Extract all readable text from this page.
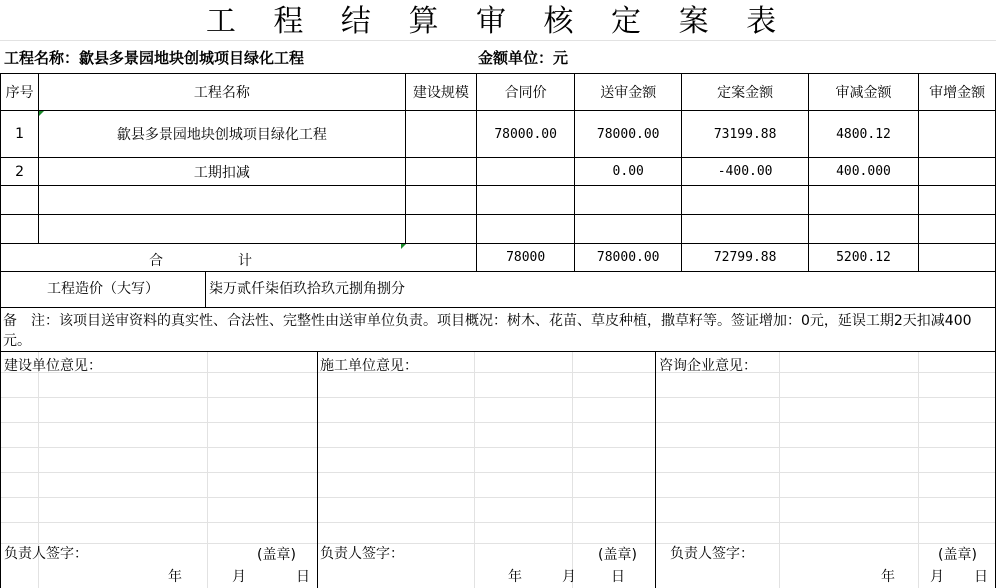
工 程 结 算 审 核 定 案 表
工程名称：歙县多景园地块创城项目绿化工程	金额单位：元
序号	工程名称	建设规模	合同价	送审金额	定案金额	审减金额	审增金额
1	歙县多景园地块创城项目绿化工程		78000.00	78000.00	73199.88	4800.12	
2	工期扣减			0.00	-400.00	400.000	

合 计			78000	78000.00	72799.88	5200.12	
工程造价（大写） 柒万贰仟柒佰玖拾玖元捌角捌分							
备　注：该项目送审资料的真实性、合法性、完整性由送审单位负责。项目概况：树木、花苗、草皮种植，撒草籽等。签证增加：0元，延误工期2天扣减400元。
建设单位意见：
负责人签字：	(盖章)
年	月	日
施工单位意见：
负责人签字：	(盖章)
年	月	日
咨询企业意见：
负责人签字：	(盖章)
年	月 日
